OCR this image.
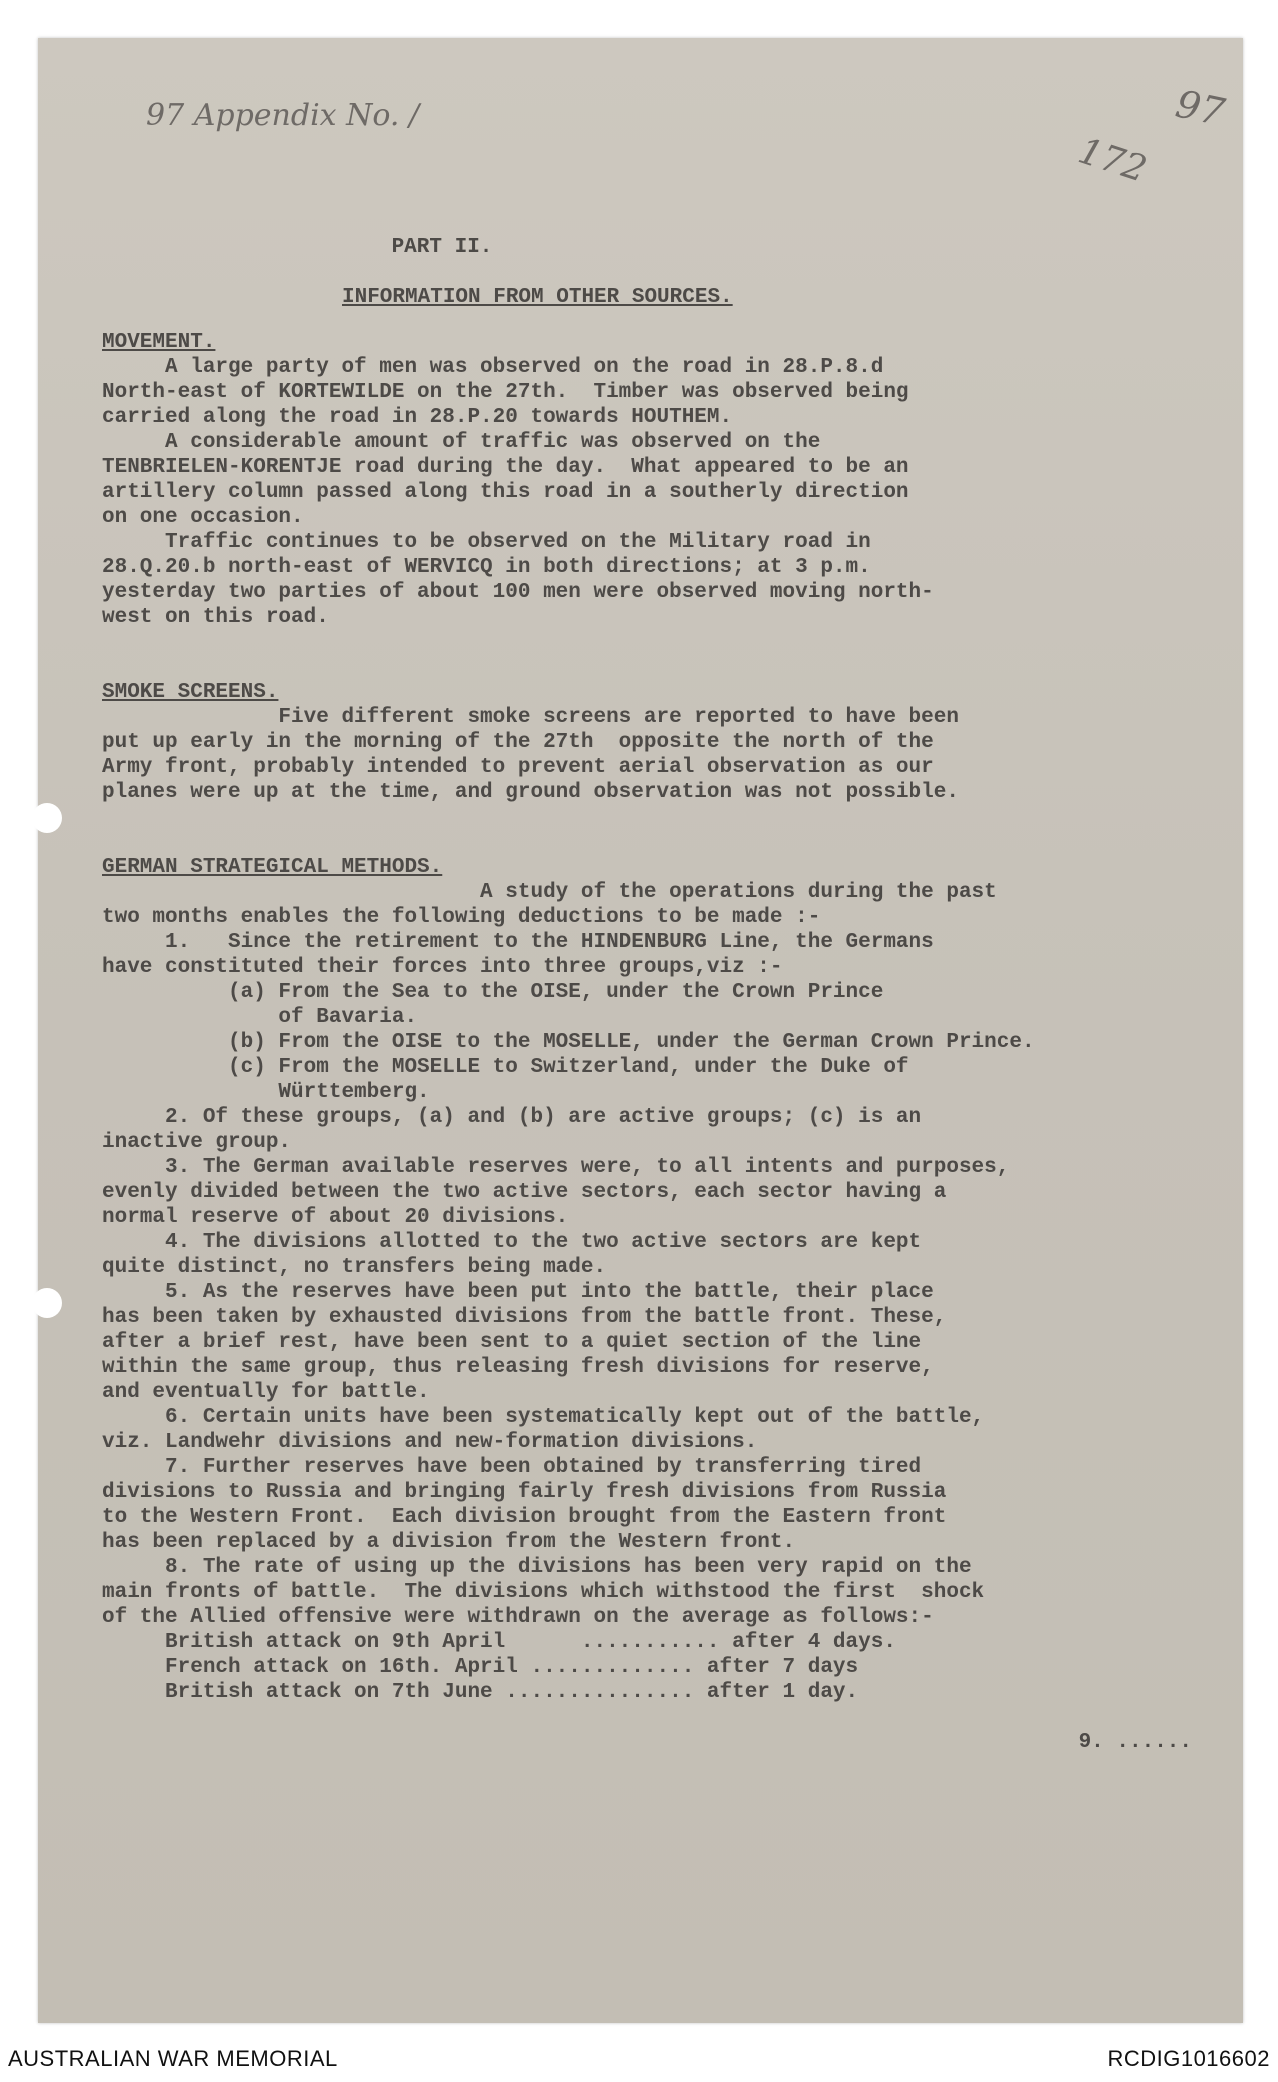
97 Appendix No. /	97
172
PART II.
INFORMATION FROM OTHER SOURCES.
MOVEMENT.
A large party of men was observed on the road in 28.P.8.d
North-east of KORTEWILDE on the 27th.  Timber was observed being
carried along the road in 28.P.20 towards HOUTHEM.
A considerable amount of traffic was observed on the
TENBRIELEN-KORENTJE road during the day.  What appeared to be an
artillery column passed along this road in a southerly direction
on one occasion.
Traffic continues to be observed on the Military road in
28.Q.20.b north-east of WERVICQ in both directions; at 3 p.m.
yesterday two parties of about 100 men were observed moving north-
west on this road.
SMOKE SCREENS.
Five different smoke screens are reported to have been
put up early in the morning of the 27th  opposite the north of the
Army front, probably intended to prevent aerial observation as our
planes were up at the time, and ground observation was not possible.
GERMAN STRATEGICAL METHODS.
A study of the operations during the past
two months enables the following deductions to be made :-
1.   Since the retirement to the HINDENBURG Line, the Germans
have constituted their forces into three groups,viz :-
(a) From the Sea to the OISE, under the Crown Prince
of Bavaria.
(b) From the OISE to the MOSELLE, under the German Crown Prince.
(c) From the MOSELLE to Switzerland, under the Duke of
Württemberg.
2. Of these groups, (a) and (b) are active groups; (c) is an
inactive group.
3. The German available reserves were, to all intents and purposes,
evenly divided between the two active sectors, each sector having a
normal reserve of about 20 divisions.
4. The divisions allotted to the two active sectors are kept
quite distinct, no transfers being made.
5. As the reserves have been put into the battle, their place
has been taken by exhausted divisions from the battle front. These,
after a brief rest, have been sent to a quiet section of the line
within the same group, thus releasing fresh divisions for reserve,
and eventually for battle.
6. Certain units have been systematically kept out of the battle,
viz. Landwehr divisions and new-formation divisions.
7. Further reserves have been obtained by transferring tired
divisions to Russia and bringing fairly fresh divisions from Russia
to the Western Front.  Each division brought from the Eastern front
has been replaced by a division from the Western front.
8. The rate of using up the divisions has been very rapid on the
main fronts of battle.  The divisions which withstood the first  shock
of the Allied offensive were withdrawn on the average as follows:-
British attack on 9th April      ........... after 4 days.
French attack on 16th. April ............. after 7 days
British attack on 7th June ............... after 1 day.
9. ......
AUSTRALIAN WAR MEMORIAL	RCDIG1016602
